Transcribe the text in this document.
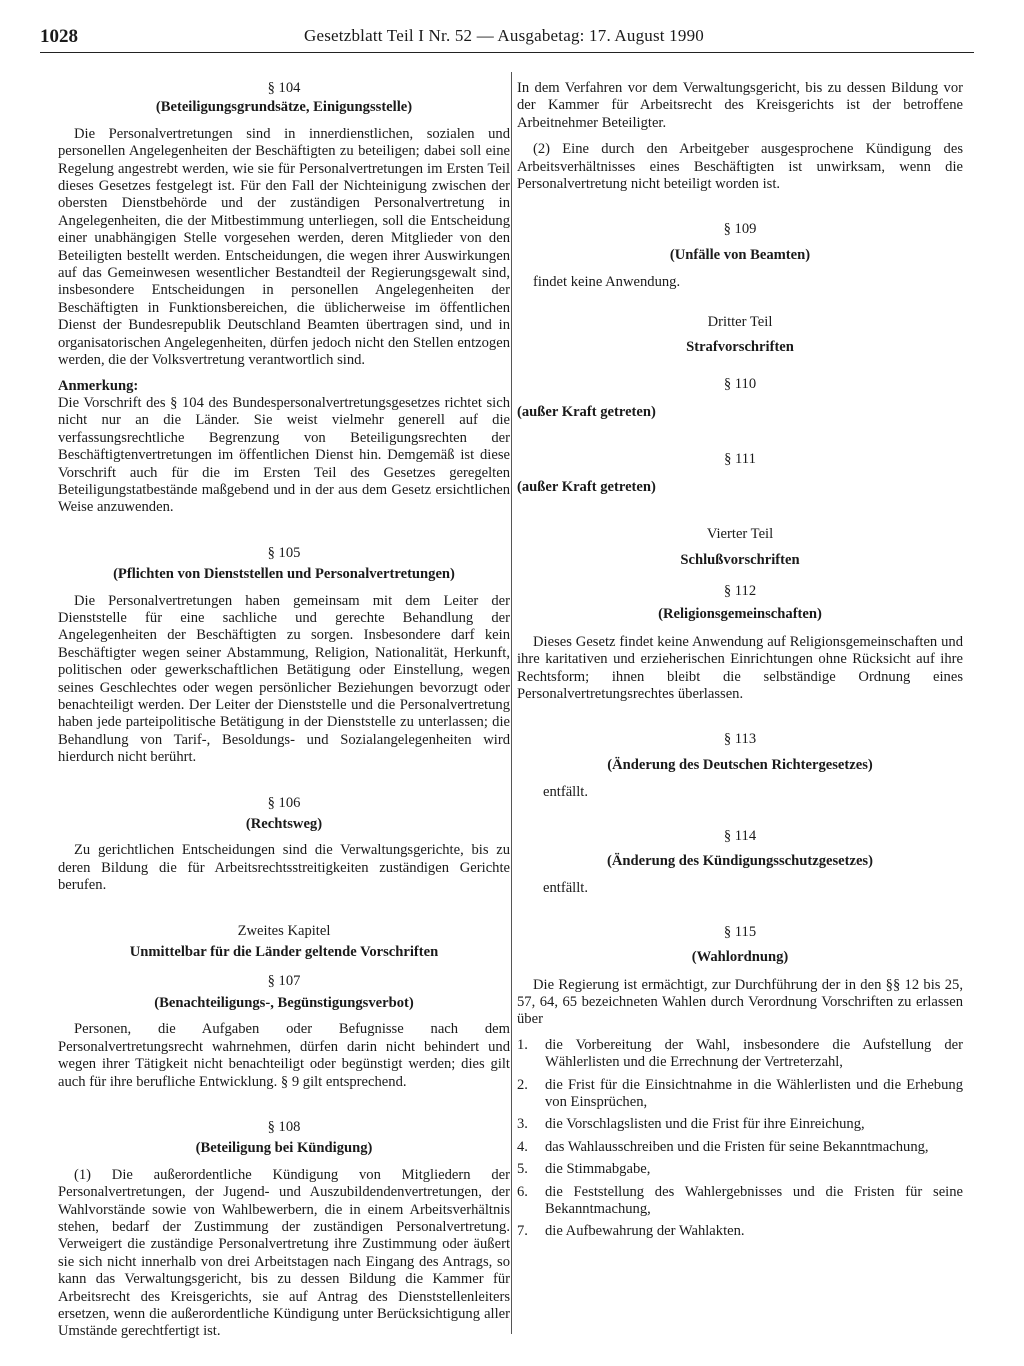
1028	Gesetzblatt Teil I Nr. 52 — Ausgabetag: 17. August 1990
§ 104
(Beteiligungsgrundsätze, Einigungsstelle)

Die Personalvertretungen sind in innerdienstlichen, sozialen und personellen Angelegenheiten der Beschäftigten zu beteiligen; dabei soll eine Regelung angestrebt werden, wie sie für Personalvertretungen im Ersten Teil dieses Gesetzes festgelegt ist. Für den Fall der Nichteinigung zwischen der obersten Dienstbehörde und der zuständigen Personalvertretung in Angelegenheiten, die der Mitbestimmung unterliegen, soll die Entscheidung einer unabhängigen Stelle vorgesehen werden, deren Mitglieder von den Beteiligten bestellt werden. Entscheidungen, die wegen ihrer Auswirkungen auf das Gemeinwesen wesentlicher Bestandteil der Regierungsgewalt sind, insbesondere Entscheidungen in personellen Angelegenheiten der Beschäftigten in Funktionsbereichen, die üblicherweise im öffentlichen Dienst der Bundesrepublik Deutschland Beamten übertragen sind, und in organisatorischen Angelegenheiten, dürfen jedoch nicht den Stellen entzogen werden, die der Volksvertretung verantwortlich sind.

Anmerkung:

Die Vorschrift des § 104 des Bundespersonalvertretungsgesetzes richtet sich nicht nur an die Länder. Sie weist vielmehr generell auf die verfassungsrechtliche Begrenzung von Beteiligungsrechten der Beschäftigtenvertretungen im öffentlichen Dienst hin. Demgemäß ist diese Vorschrift auch für die im Ersten Teil des Gesetzes geregelten Beteiligungstatbestände maßgebend und in der aus dem Gesetz ersichtlichen Weise anzuwenden.

§ 105
(Pflichten von Dienststellen und Personalvertretungen)

Die Personalvertretungen haben gemeinsam mit dem Leiter der Dienststelle für eine sachliche und gerechte Behandlung der Angelegenheiten der Beschäftigten zu sorgen. Insbesondere darf kein Beschäftigter wegen seiner Abstammung, Religion, Nationalität, Herkunft, politischen oder gewerkschaftlichen Betätigung oder Einstellung, wegen seines Geschlechtes oder wegen persönlicher Beziehungen bevorzugt oder benachteiligt werden. Der Leiter der Dienststelle und die Personalvertretung haben jede parteipolitische Betätigung in der Dienststelle zu unterlassen; die Behandlung von Tarif-, Besoldungs- und Sozialangelegenheiten wird hierdurch nicht berührt.

§ 106
(Rechtsweg)

Zu gerichtlichen Entscheidungen sind die Verwaltungsgerichte, bis zu deren Bildung die für Arbeitsrechtsstreitigkeiten zuständigen Gerichte berufen.

Zweites Kapitel
Unmittelbar für die Länder geltende Vorschriften
§ 107
(Benachteiligungs-, Begünstigungsverbot)

Personen, die Aufgaben oder Befugnisse nach dem Personalvertretungsrecht wahrnehmen, dürfen darin nicht behindert und wegen ihrer Tätigkeit nicht benachteiligt oder begünstigt werden; dies gilt auch für ihre berufliche Entwicklung. § 9 gilt entsprechend.

§ 108
(Beteiligung bei Kündigung)

(1) Die außerordentliche Kündigung von Mitgliedern der Personalvertretungen, der Jugend- und Auszubildendenvertretungen, der Wahlvorstände sowie von Wahlbewerbern, die in einem Arbeitsverhältnis stehen, bedarf der Zustimmung der zuständigen Personalvertretung. Verweigert die zuständige Personalvertretung ihre Zustimmung oder äußert sie sich nicht innerhalb von drei Arbeitstagen nach Eingang des Antrags, so kann das Verwaltungsgericht, bis zu dessen Bildung die Kammer für Arbeitsrecht des Kreisgerichts, sie auf Antrag des Dienststellenleiters ersetzen, wenn die außerordentliche Kündigung unter Berücksichtigung aller Umstände gerechtfertigt ist.

In dem Verfahren vor dem Verwaltungsgericht, bis zu dessen Bildung vor der Kammer für Arbeitsrecht des Kreisgerichts ist der betroffene Arbeitnehmer Beteiligter.

(2) Eine durch den Arbeitgeber ausgesprochene Kündigung des Arbeitsverhältnisses eines Beschäftigten ist unwirksam, wenn die Personalvertretung nicht beteiligt worden ist.

§ 109
(Unfälle von Beamten)

findet keine Anwendung.

Dritter Teil
Strafvorschriften
§ 110
(außer Kraft getreten)
§ 111
(außer Kraft getreten)
Vierter Teil
Schlußvorschriften
§ 112
(Religionsgemeinschaften)

Dieses Gesetz findet keine Anwendung auf Religionsgemeinschaften und ihre karitativen und erzieherischen Einrichtungen ohne Rücksicht auf ihre Rechtsform; ihnen bleibt die selbständige Ordnung eines Personalvertretungsrechtes überlassen.

§ 113
(Änderung des Deutschen Richtergesetzes)

entfällt.

§ 114
(Änderung des Kündigungsschutzgesetzes)

entfällt.

§ 115
(Wahlordnung)

Die Regierung ist ermächtigt, zur Durchführung der in den §§ 12 bis 25, 57, 64, 65 bezeichneten Wahlen durch Verordnung Vorschriften zu erlassen über

1.	die Vorbereitung der Wahl, insbesondere die Aufstellung der Wählerlisten und die Errechnung der Vertreterzahl,
2.	die Frist für die Einsichtnahme in die Wählerlisten und die Erhebung von Einsprüchen,
3.	die Vorschlagslisten und die Frist für ihre Einreichung,
4.	das Wahlausschreiben und die Fristen für seine Bekanntmachung,
5.	die Stimmabgabe,
6.	die Feststellung des Wahlergebnisses und die Fristen für seine Bekanntmachung,
7.	die Aufbewahrung der Wahlakten.
